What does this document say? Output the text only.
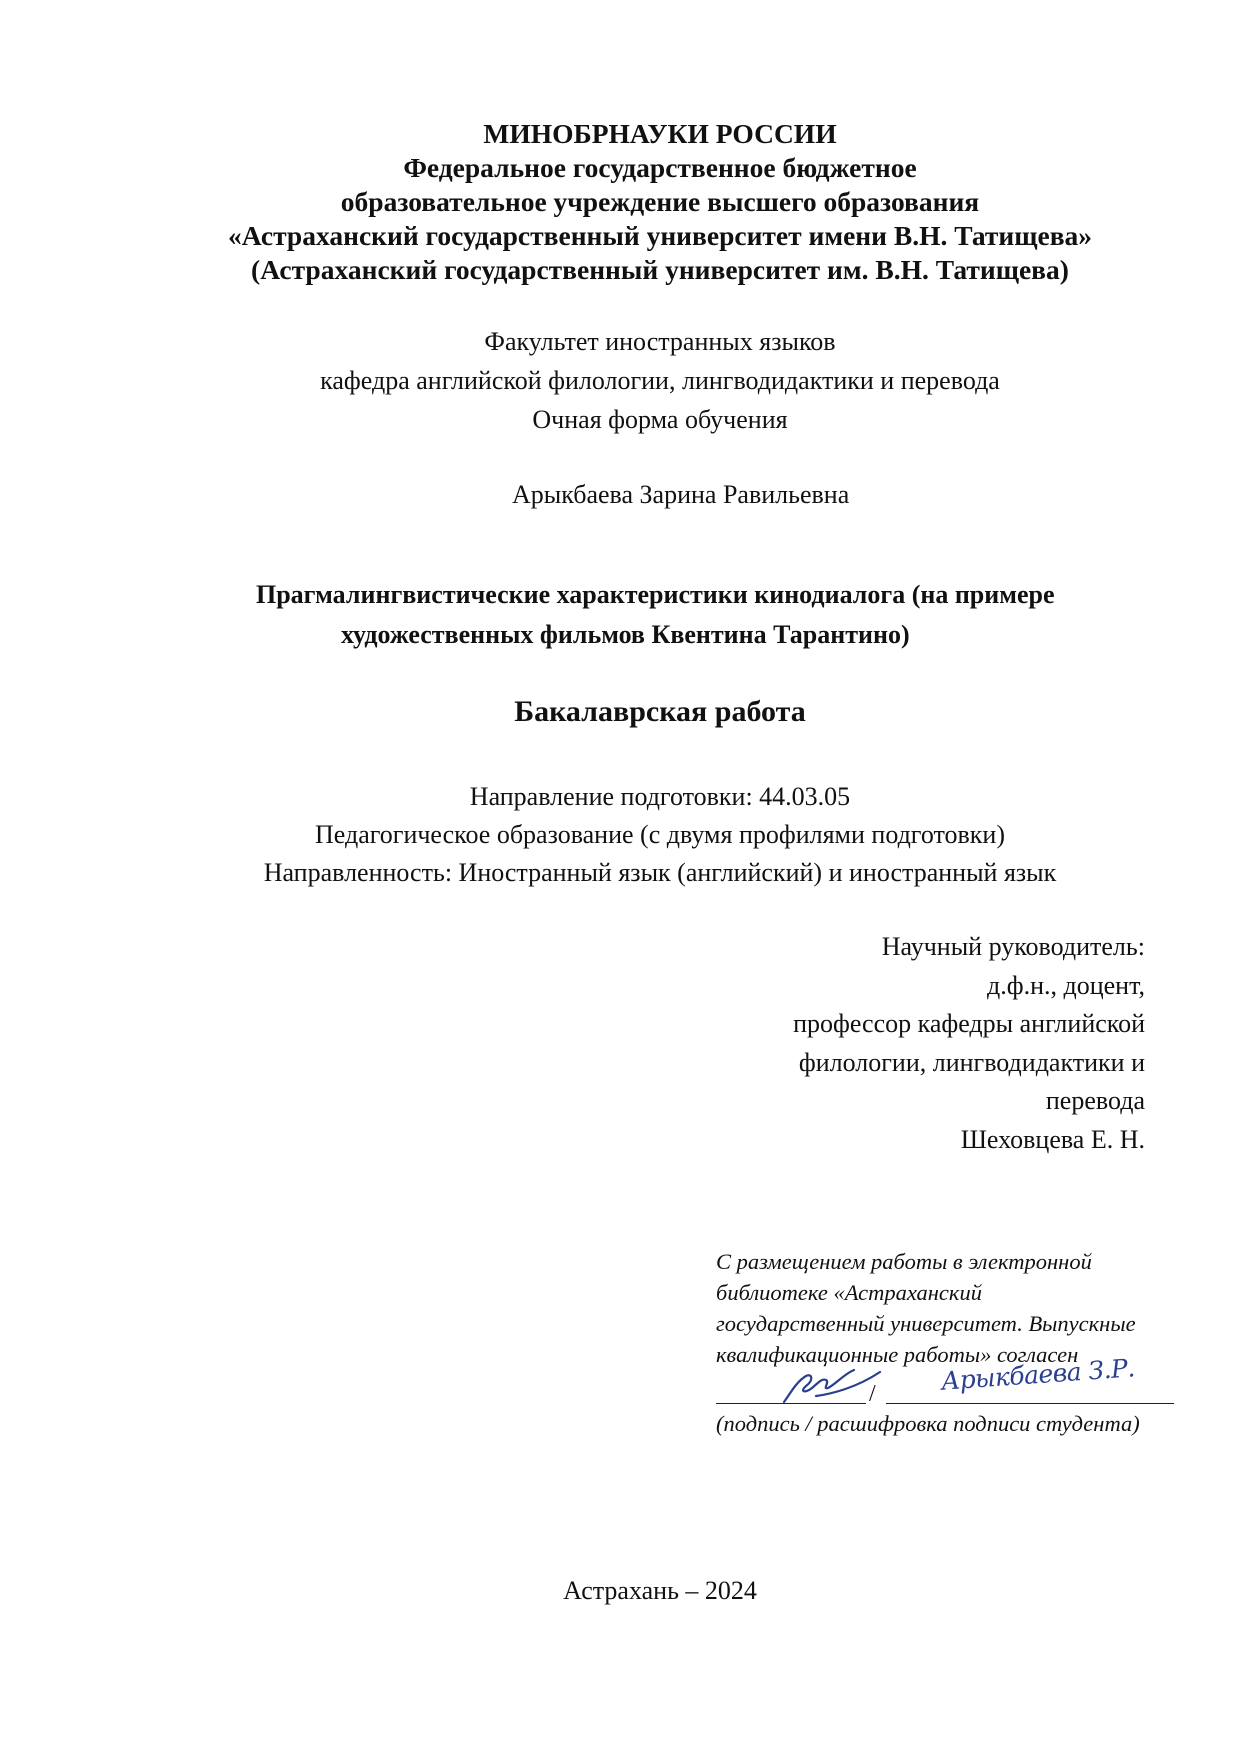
МИНОБРНАУКИ РОССИИ
Федеральное государственное бюджетное
образовательное учреждение высшего образования
«Астраханский государственный университет имени В.Н. Татищева»
(Астраханский государственный университет им. В.Н. Татищева)
Факультет иностранных языков
кафедра английской филологии, лингводидактики и перевода
Очная форма обучения
Арыкбаева Зарина Равильевна
Прагмалингвистические характеристики кинодиалога (на примере
художественных фильмов Квентина Тарантино)
Бакалаврская работа
Направление подготовки: 44.03.05
Педагогическое образование (с двумя профилями подготовки)
Направленность: Иностранный язык (английский) и иностранный язык
Научный руководитель:
д.ф.н., доцент,
профессор кафедры английской
филологии, лингводидактики и
перевода
Шеховцева Е. Н.
С размещением работы в электронной
библиотеке «Астраханский
государственный университет. Выпускные
квалификационные работы» согласен
/	Арыкбаева З.Р.
(подпись / расшифровка подписи студента)
Астрахань – 2024
